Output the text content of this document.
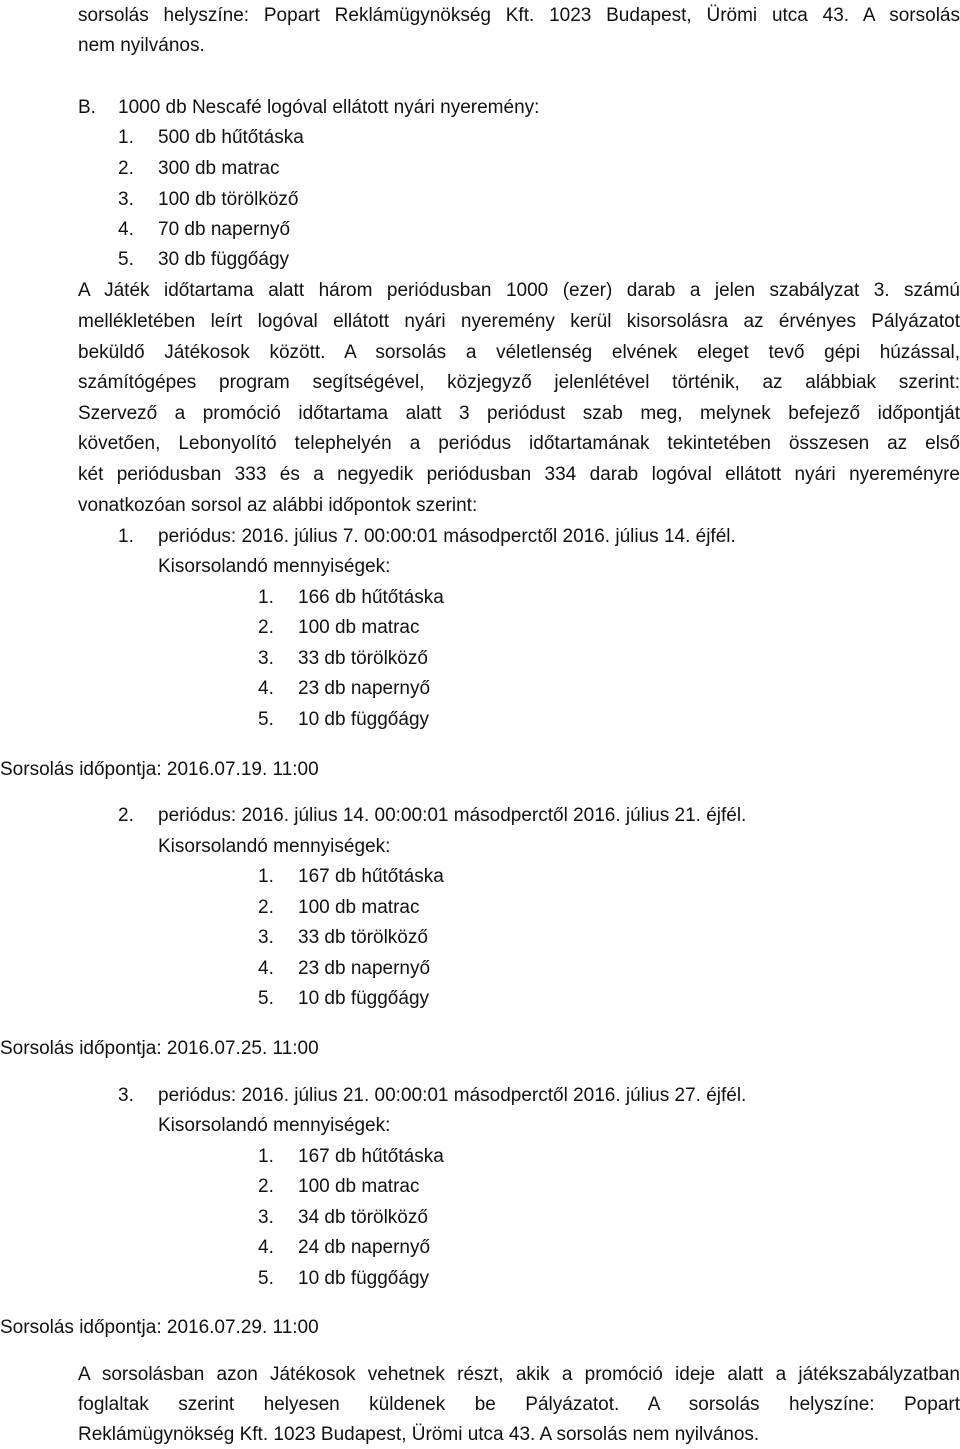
sorsolás helyszíne: Popart Reklámügynökség Kft. 1023 Budapest, Ürömi utca 43. A sorsolás
nem nyilvános.
B. 1000 db Nescafé logóval ellátott nyári nyeremény:
1. 500 db hűtőtáska
2. 300 db matrac
3. 100 db törölköző
4. 70 db napernyő
5. 30 db függőágy
A Játék időtartama alatt három periódusban 1000 (ezer) darab a jelen szabályzat 3. számú
mellékletében leírt logóval ellátott nyári nyeremény kerül kisorsolásra az érvényes Pályázatot
beküldő Játékosok között. A sorsolás a véletlenség elvének eleget tevő gépi húzással,
számítógépes program segítségével, közjegyző jelenlétével történik, az alábbiak szerint:
Szervező a promóció időtartama alatt 3 periódust szab meg, melynek befejező időpontját
követően, Lebonyolító telephelyén a periódus időtartamának tekintetében összesen az első
két periódusban 333 és a negyedik periódusban 334 darab logóval ellátott nyári nyereményre
vonatkozóan sorsol az alábbi időpontok szerint:
1. periódus: 2016. július 7. 00:00:01 másodperctől 2016. július 14. éjfél.
Kisorsolandó mennyiségek:
1. 166 db hűtőtáska
2. 100 db matrac
3. 33 db törölköző
4. 23 db napernyő
5. 10 db függőágy
Sorsolás időpontja: 2016.07.19. 11:00
2. periódus: 2016. július 14. 00:00:01 másodperctől 2016. július 21. éjfél.
Kisorsolandó mennyiségek:
1. 167 db hűtőtáska
2. 100 db matrac
3. 33 db törölköző
4. 23 db napernyő
5. 10 db függőágy
Sorsolás időpontja: 2016.07.25. 11:00
3. periódus: 2016. július 21. 00:00:01 másodperctől 2016. július 27. éjfél.
Kisorsolandó mennyiségek:
1. 167 db hűtőtáska
2. 100 db matrac
3. 34 db törölköző
4. 24 db napernyő
5. 10 db függőágy
Sorsolás időpontja: 2016.07.29. 11:00
A sorsolásban azon Játékosok vehetnek részt, akik a promóció ideje alatt a játékszabályzatban
foglaltak szerint helyesen küldenek be Pályázatot. A sorsolás helyszíne: Popart
Reklámügynökség Kft. 1023 Budapest, Ürömi utca 43. A sorsolás nem nyilvános.
